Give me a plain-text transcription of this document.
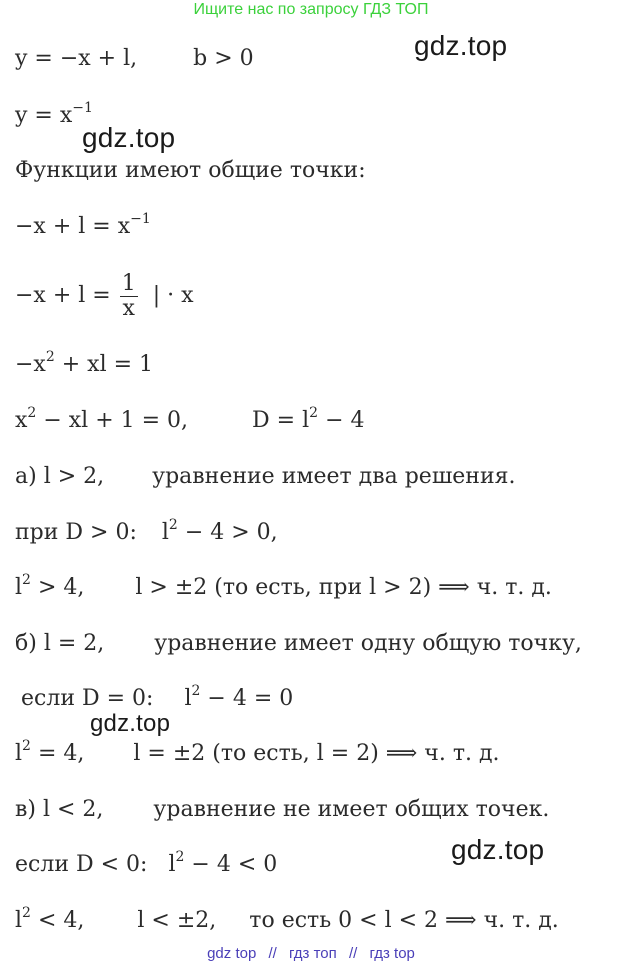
Ищите нас по запросу ГДЗ ТОП
gdz.top
gdz.top
gdz.top
gdz.top
y = −x + l,	b > 0
$y = x^{-1}$
Функции имеют общие точки:
$-x + l = x^{-1}$
$-x + l = \frac{1}{x}$ | · x
$-x^2$ + xl = 1
$x^2$ − xl + 1 = 0,	$D = l^2 - 4$
а) l > 2, уравнение имеет два решения.
при D > 0: $l^2 - 4 > 0$,
$l^2 > 4$, l > ±2 (то есть, при l > 2) ⟹ ч. т. д.
б) l = 2, уравнение имеет одну общую точку,
если D = 0: $l^2 - 4 = 0$
$l^2 = 4$, l = ±2 (то есть, l = 2) ⟹ ч. т. д.
в) l < 2, уравнение не имеет общих точек.
если D < 0: $l^2 - 4 < 0$
$l^2 < 4$, l < ±2, то есть 0 < l < 2 ⟹ ч. т. д.
gdz top // гдз топ // гдз top
